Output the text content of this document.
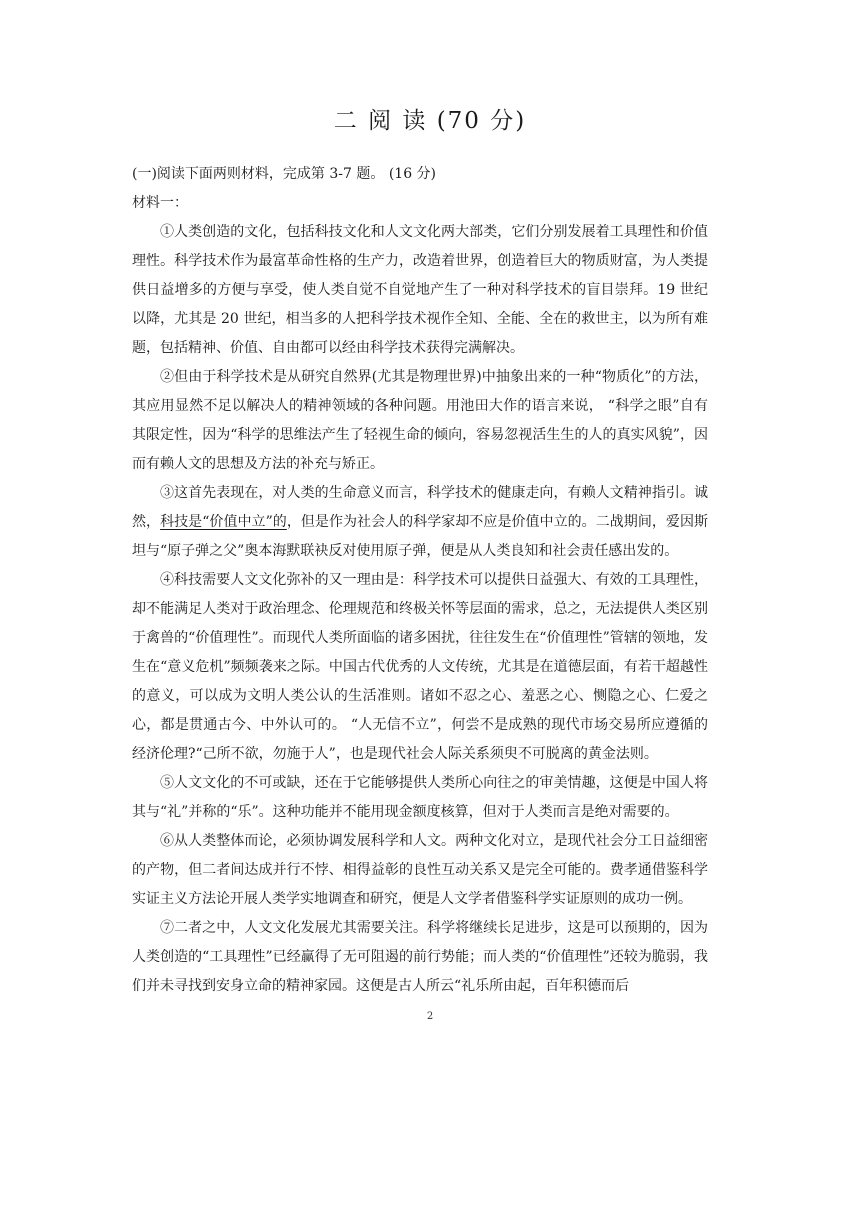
二 阅 读 (70 分)

(一)阅读下面两则材料，完成第 3-7 题。 (16 分)

材料一：

①人类创造的文化，包括科技文化和人文文化两大部类，它们分别发展着工具理性和价值理性。科学技术作为最富革命性格的生产力，改造着世界，创造着巨大的物质财富，为人类提供日益增多的方便与享受，使人类自觉不自觉地产生了一种对科学技术的盲目崇拜。19 世纪以降，尤其是 20 世纪，相当多的人把科学技术视作全知、全能、全在的救世主，以为所有难题，包括精神、价值、自由都可以经由科学技术获得完满解决。

②但由于科学技术是从研究自然界(尤其是物理世界)中抽象出来的一种“物质化”的方法，其应用显然不足以解决人的精神领域的各种问题。用池田大作的语言来说， “科学之眼”自有其限定性，因为“科学的思维法产生了轻视生命的倾向，容易忽视活生生的人的真实风貌”，因而有赖人文的思想及方法的补充与矫正。

③这首先表现在，对人类的生命意义而言，科学技术的健康走向，有赖人文精神指引。诚然，科技是“价值中立”的，但是作为社会人的科学家却不应是价值中立的。二战期间，爱因斯坦与“原子弹之父”奥本海默联袂反对使用原子弹，便是从人类良知和社会责任感出发的。

④科技需要人文文化弥补的又一理由是：科学技术可以提供日益强大、有效的工具理性，却不能满足人类对于政治理念、伦理规范和终极关怀等层面的需求，总之，无法提供人类区别于禽兽的“价值理性”。而现代人类所面临的诸多困扰，往往发生在“价值理性”管辖的领地，发生在“意义危机”频频袭来之际。中国古代优秀的人文传统，尤其是在道德层面，有若干超越性的意义，可以成为文明人类公认的生活准则。诸如不忍之心、羞恶之心、恻隐之心、仁爱之心，都是贯通古今、中外认可的。 “人无信不立”，何尝不是成熟的现代市场交易所应遵循的经济伦理?“己所不欲，勿施于人”，也是现代社会人际关系须臾不可脱离的黄金法则。

⑤人文文化的不可或缺，还在于它能够提供人类所心向往之的审美情趣，这便是中国人将其与“礼”并称的“乐”。这种功能并不能用现金额度核算，但对于人类而言是绝对需要的。

⑥从人类整体而论，必须协调发展科学和人文。两种文化对立，是现代社会分工日益细密的产物，但二者间达成并行不悖、相得益彰的良性互动关系又是完全可能的。费孝通借鉴科学实证主义方法论开展人类学实地调查和研究，便是人文学者借鉴科学实证原则的成功一例。

⑦二者之中，人文文化发展尤其需要关注。科学将继续长足进步，这是可以预期的，因为人类创造的“工具理性”已经赢得了无可阻遏的前行势能；而人类的“价值理性”还较为脆弱，我们并未寻找到安身立命的精神家园。这便是古人所云“礼乐所由起，百年积德而后

2
